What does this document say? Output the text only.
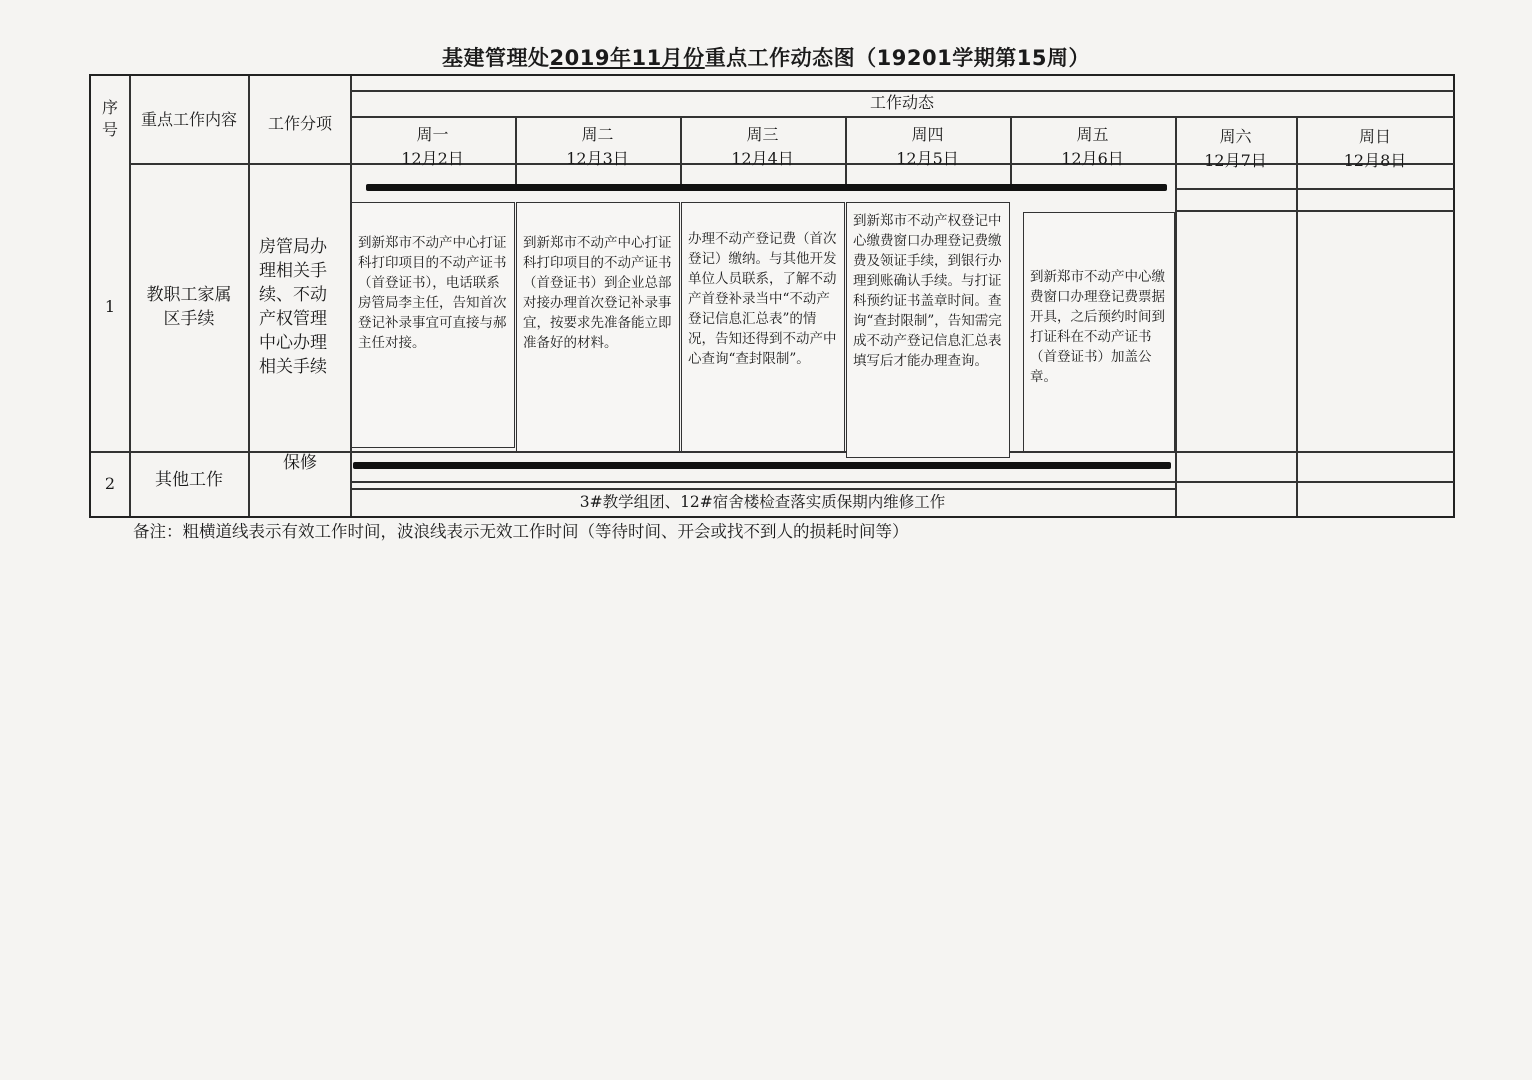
基建管理处2019年11月份重点工作动态图（19201学期第15周）
序号
重点工作内容 工作分项
工作动态
周一
12月2日
周二
12月3日
周三
12月4日
周四
12月5日
周五
12月6日
周六
12月7日
周日
12月8日
1
教职工家属区手续
房管局办理相关手续、不动产权管理中心办理相关手续
到新郑市不动产中心打证科打印项目的不动产证书（首登证书），电话联系房管局李主任，告知首次登记补录事宜可直接与郝主任对接。
到新郑市不动产中心打证科打印项目的不动产证书（首登证书）到企业总部对接办理首次登记补录事宜，按要求先准备能立即准备好的材料。
办理不动产登记费（首次登记）缴纳。与其他开发单位人员联系，了解不动产首登补录当中“不动产登记信息汇总表”的情况，告知还得到不动产中心查询“查封限制”。
到新郑市不动产权登记中心缴费窗口办理登记费缴费及领证手续，到银行办理到账确认手续。与打证科预约证书盖章时间。查询“查封限制”，告知需完成不动产登记信息汇总表填写后才能办理查询。
到新郑市不动产中心缴费窗口办理登记费票据开具，之后预约时间到打证科在不动产证书（首登证书）加盖公章。
2 其他工作
保修
3#教学组团、12#宿舍楼检查落实质保期内维修工作
备注：粗横道线表示有效工作时间，波浪线表示无效工作时间（等待时间、开会或找不到人的损耗时间等）
